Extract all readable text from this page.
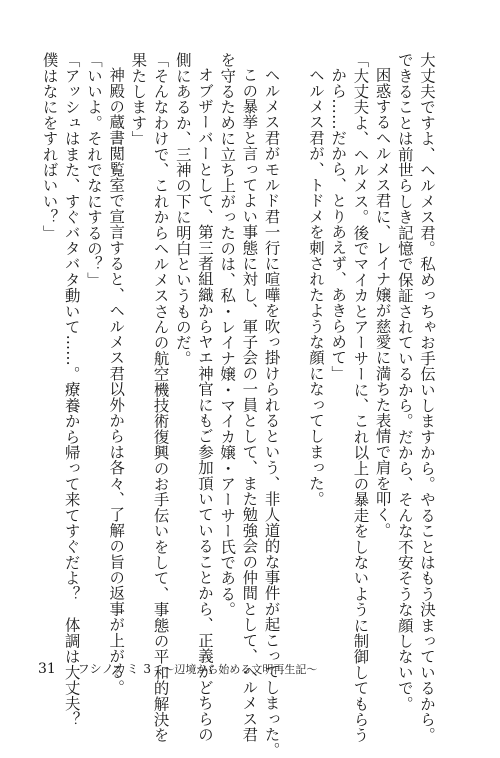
大丈夫ですよ、ヘルメス君。私めっちゃお手伝いしますから。やることはもう決まっているから。

できることは前世らしき記憶で保証されているから。だから、そんな不安そうな顔しないで。

困惑するヘルメス君に、レイナ嬢が慈愛に満ちた表情で肩を叩く。

「大丈夫よ、ヘルメス。後でマイカとアーサーに、これ以上の暴走をしないように制御してもらう

から……だから、とりあえず、あきらめて」

ヘルメス君が、トドメを刺されたような顔になってしまった。

ヘルメス君がモルド君一行に喧嘩を吹っ掛けられるという、非人道的な事件が起こってしまった。

この暴挙と言ってよい事態に対し、軍子会の一員として、また勉強会の仲間として、ヘルメス君

を守るために立ち上がったのは、私・レイナ嬢・マイカ嬢・アーサー氏である。

オブザーバーとして、第三者組織からヤエ神官にもご参加頂いていることから、正義がどちらの

側にあるか、三神の下に明白というものだ。

「そんなわけで、これからヘルメスさんの航空機技術復興のお手伝いをして、事態の平和的解決を

果たします」

神殿の蔵書閲覧室で宣言すると、ヘルメス君以外からは各々、了解の旨の返事が上がる。

「いいよ。それでなにするの？」

「アッシュはまた、すぐバタバタ動いて……。療養から帰って来てすぐだよ？　体調は大丈夫？

僕はなにをすればいい？」

31 フシノカミ 3 ～辺境から始める文明再生記～
